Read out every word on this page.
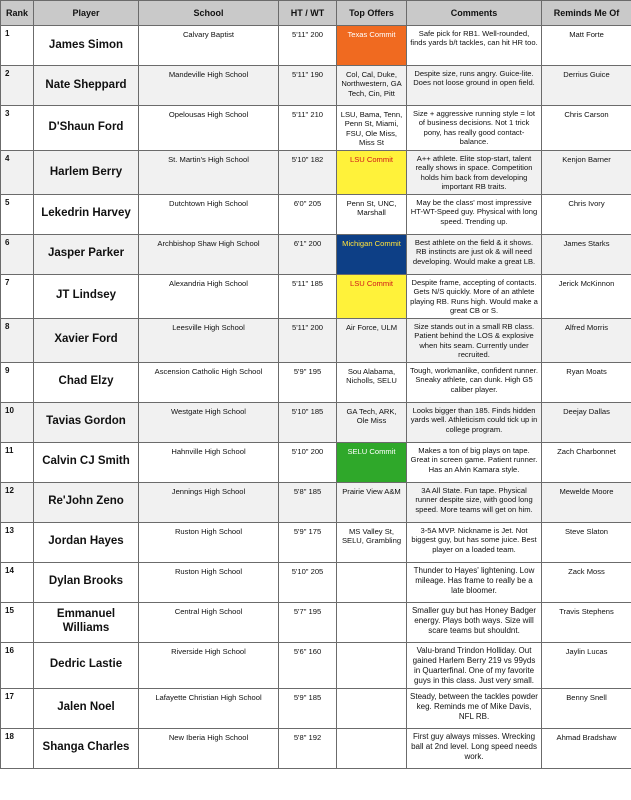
Rank	Player	School	HT / WT	Top Offers	Comments	Reminds Me Of
1	James Simon	Calvary Baptist	5'11" 200	Texas Commit	Safe pick for RB1. Well-rounded, finds yards b/t tackles, can hit HR too.	Matt Forte
2	Nate Sheppard	Mandeville High School	5'11" 190	Col, Cal, Duke, Northwestern, GA Tech, Cin, Pitt	Despite size, runs angry. Guice-lite. Does not loose ground in open field.	Derrius Guice
3	D'Shaun Ford	Opelousas High School	5'11" 210	LSU, Bama, Tenn, Penn St, Miami, FSU, Ole Miss, Miss St	Size + aggressive running style = lot of business decisions. Not 1 trick pony, has really good contact-balance.	Chris Carson
4	Harlem Berry	St. Martin's High School	5'10" 182	LSU Commit	A++ athlete. Elite stop-start, talent really shows in space. Competition holds him back from developing important RB traits.	Kenjon Barner
5	Lekedrin Harvey	Dutchtown High School	6'0" 205	Penn St, UNC, Marshall	May be the class' most impressive HT-WT-Speed guy. Physical with long speed. Trending up.	Chris Ivory
6	Jasper Parker	Archbishop Shaw High School	6'1" 200	Michigan Commit	Best athlete on the field & it shows. RB instincts are just ok & will need developing. Would make a great LB.	James Starks
7	JT Lindsey	Alexandria High School	5'11" 185	LSU Commit	Despite frame, accepting of contacts. Gets N/S quickly. More of an athlete playing RB. Runs high. Would make a great CB or S.	Jerick McKinnon
8	Xavier Ford	Leesville High School	5'11" 200	Air Force, ULM	Size stands out in a small RB class. Patient behind the LOS & explosive when hits seam. Currently under recruited.	Alfred Morris
9	Chad Elzy	Ascension Catholic High School	5'9" 195	Sou Alabama, Nicholls, SELU	Tough, workmanlike, confident runner. Sneaky athlete, can dunk. High G5 caliber player.	Ryan Moats
10	Tavias Gordon	Westgate High School	5'10" 185	GA Tech, ARK, Ole Miss	Looks bigger than 185. Finds hidden yards well. Athleticism could tick up in college program.	Deejay Dallas
11	Calvin CJ Smith	Hahnville High School	5'10" 200	SELU Commit	Makes a ton of big plays on tape. Great in screen game. Patient runner. Has an Alvin Kamara style.	Zach Charbonnet
12	Re'John Zeno	Jennings High School	5'8" 185	Prairie View A&M	3A All State. Fun tape. Physical runner despite size, with good long speed. More teams will get on him.	Mewelde Moore
13	Jordan Hayes	Ruston High School	5'9" 175	MS Valley St, SELU, Grambling	3-5A MVP. Nickname is Jet. Not biggest guy, but has some juice. Best player on a loaded team.	Steve Slaton
14	Dylan Brooks	Ruston High School	5'10" 205		Thunder to Hayes' lightening. Low mileage. Has frame to really be a late bloomer.	Zack Moss
15	Emmanuel Williams	Central High School	5'7" 195		Smaller guy but has Honey Badger energy. Plays both ways. Size will scare teams but shouldnt.	Travis Stephens
16	Dedric Lastie	Riverside High School	5'6" 160		Valu-brand Trindon Holliday. Out gained Harlem Berry 219 vs 99yds in Quarterfinal. One of my favorite guys in this class. Just very small.	Jaylin Lucas
17	Jalen Noel	Lafayette Christian High School	5'9" 185		Steady, between the tackles powder keg. Reminds me of Mike Davis, NFL RB.	Benny Snell
18	Shanga Charles	New Iberia High School	5'8" 192		First guy always misses. Wrecking ball at 2nd level. Long speed needs work.	Ahmad Bradshaw
